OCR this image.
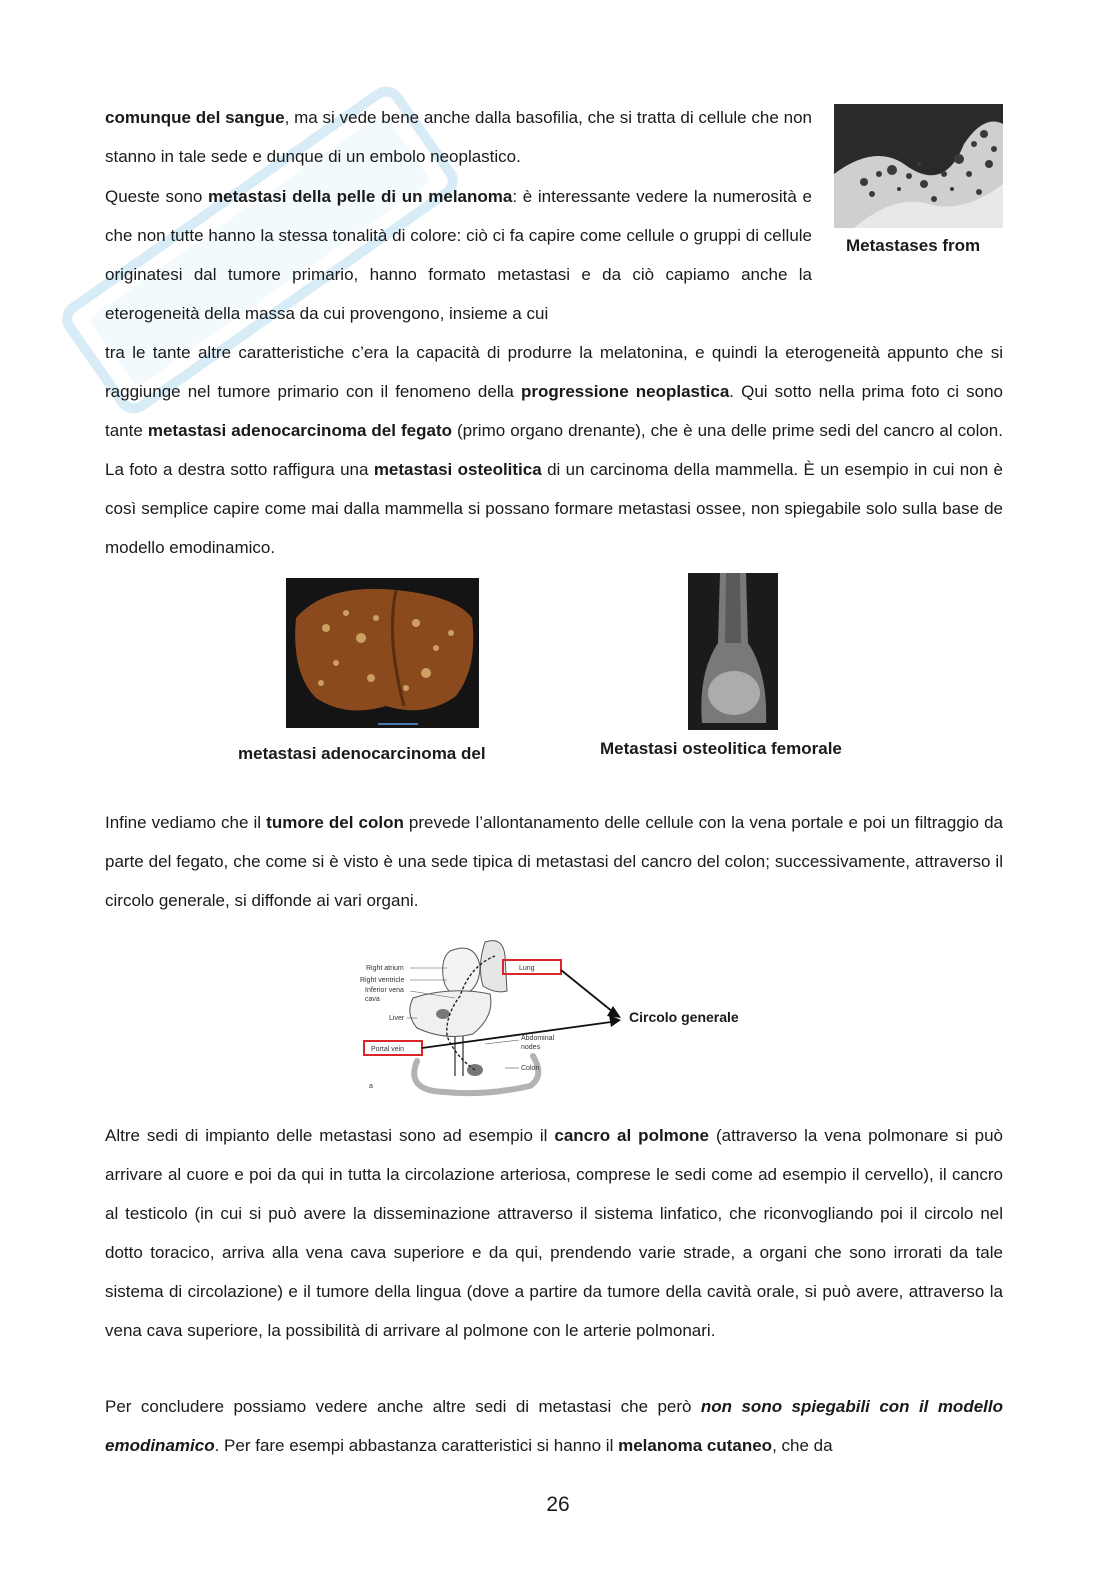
comunque del sangue, ma si vede bene anche dalla basofilia, che si tratta di cellule che non stanno in tale sede e dunque di un embolo neoplastico.

Queste sono metastasi della pelle di un melanoma: è interessante vedere la numerosità e che non tutte hanno la stessa tonalità di colore: ciò ci fa capire come cellule o gruppi di cellule originatesi dal tumore primario, hanno formato metastasi e da ciò capiamo anche la eterogeneità della massa da cui provengono, insieme a cui

Metastases from

tra le tante altre caratteristiche c’era la capacità di produrre la melatonina, e quindi la eterogeneità appunto che si raggiunge nel tumore primario con il fenomeno della progressione neoplastica. Qui sotto nella prima foto ci sono tante metastasi adenocarcinoma del fegato (primo organo drenante), che è una delle prime sedi del cancro al colon. La foto a destra sotto raffigura una metastasi osteolitica di un carcinoma della mammella. È un esempio in cui non è così semplice capire come mai dalla mammella si possano formare metastasi ossee, non spiegabile solo sulla base de modello emodinamico.

metastasi adenocarcinoma del	Metastasi osteolitica femorale

Infine vediamo che il tumore del colon prevede l’allontanamento delle cellule con la vena portale e poi un filtraggio da parte del fegato, che come si è visto è una sede tipica di metastasi del cancro del colon; successivamente, attraverso il circolo generale, si diffonde ai vari organi.

Right atrium
Right ventricle
Inferior vena
cava
Liver
Lung
Portal vein
Abdominal
nodes
Colon
a
Circolo generale

Altre sedi di impianto delle metastasi sono ad esempio il cancro al polmone (attraverso la vena polmonare si può arrivare al cuore e poi da qui in tutta la circolazione arteriosa, comprese le sedi come ad esempio il cervello), il cancro al testicolo (in cui si può avere la disseminazione attraverso il sistema linfatico, che riconvogliando poi il circolo nel dotto toracico, arriva alla vena cava superiore e da qui, prendendo varie strade, a organi che sono irrorati da tale sistema di circolazione) e il tumore della lingua (dove a partire da tumore della cavità orale, si può avere, attraverso la vena cava superiore, la possibilità di arrivare al polmone con le arterie polmonari.

Per concludere possiamo vedere anche altre sedi di metastasi che però non sono spiegabili con il modello emodinamico. Per fare esempi abbastanza caratteristici si hanno il melanoma cutaneo, che da

26
